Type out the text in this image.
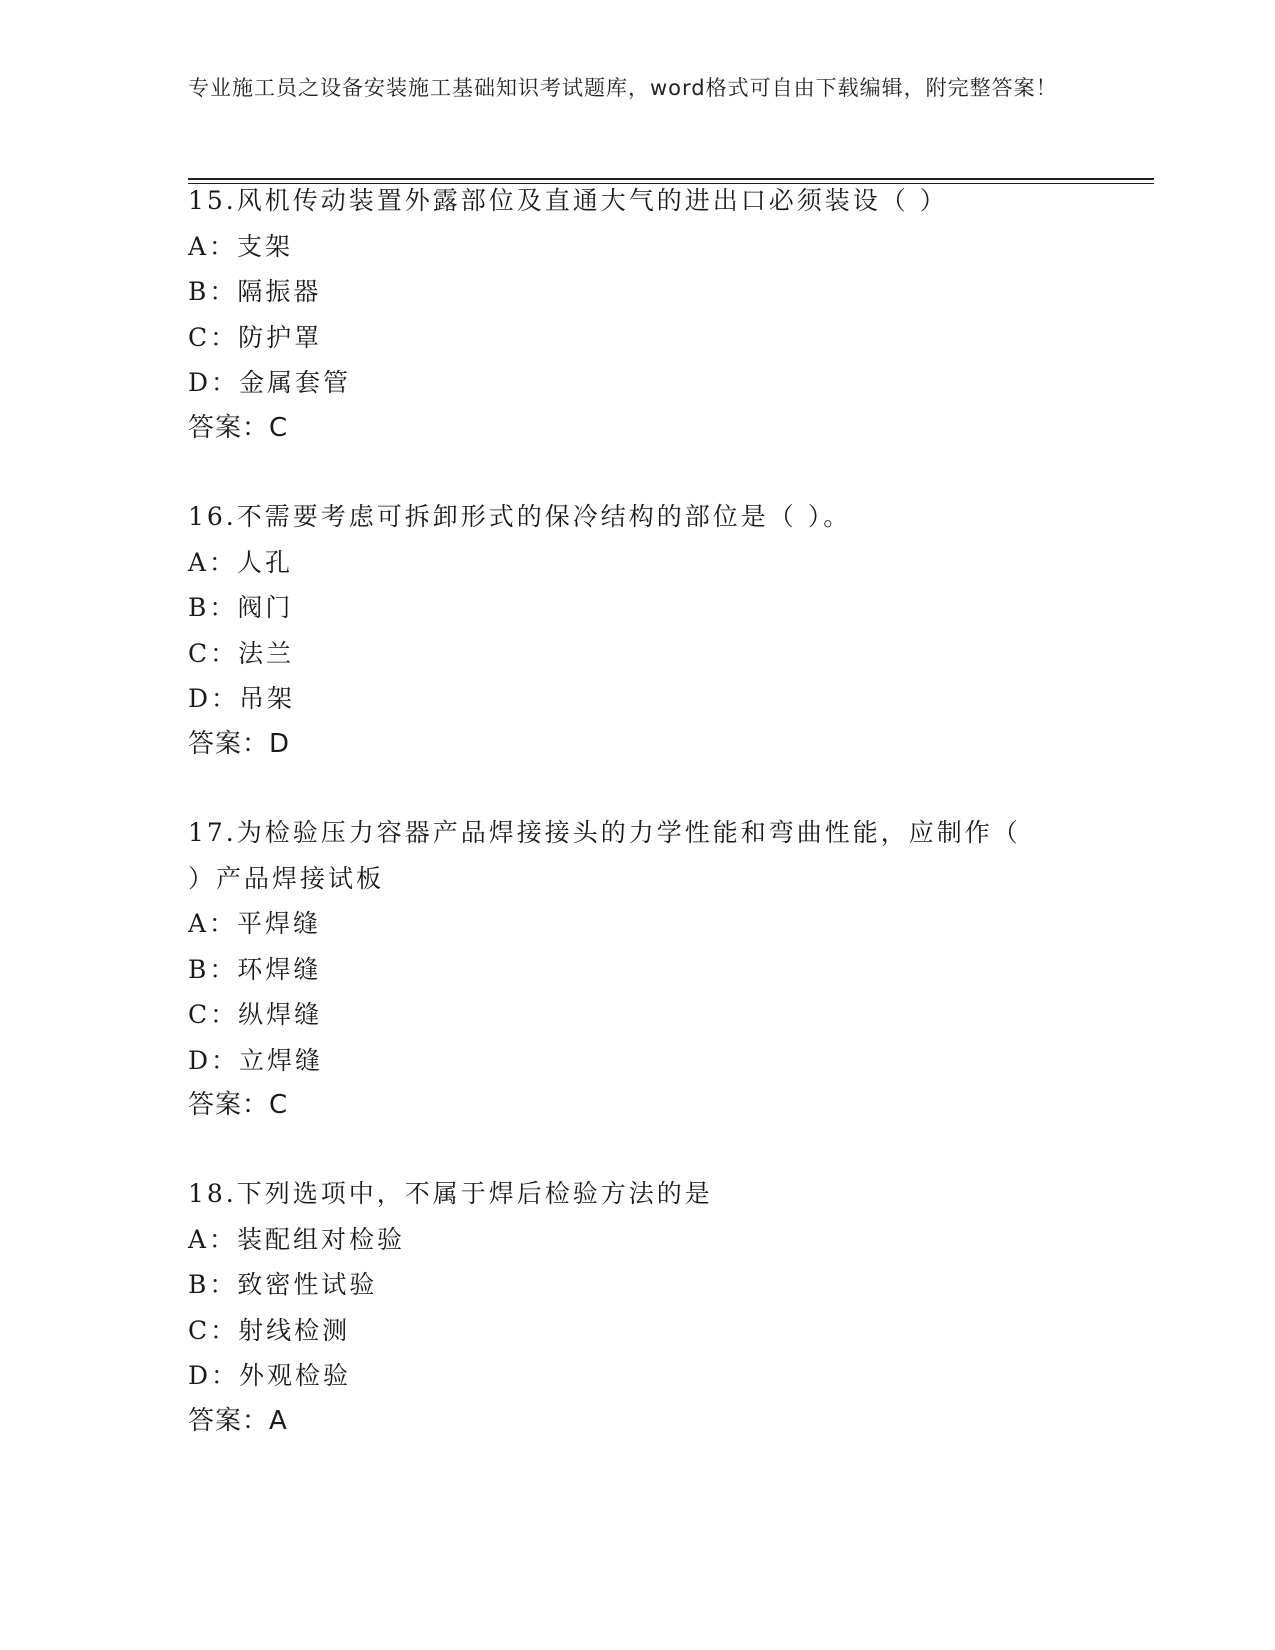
专业施工员之设备安装施工基础知识考试题库，word格式可自由下载编辑，附完整答案！
15.风机传动装置外露部位及直通大气的进出口必须装设（ ）
A：支架
B：隔振器
C：防护罩
D：金属套管
答案：C
16.不需要考虑可拆卸形式的保冷结构的部位是（ ）。
A：人孔
B：阀门
C：法兰
D：吊架
答案：D
17.为检验压力容器产品焊接接头的力学性能和弯曲性能，应制作（
）产品焊接试板
A：平焊缝
B：环焊缝
C：纵焊缝
D：立焊缝
答案：C
18.下列选项中，不属于焊后检验方法的是
A：装配组对检验
B：致密性试验
C：射线检测
D：外观检验
答案：A
